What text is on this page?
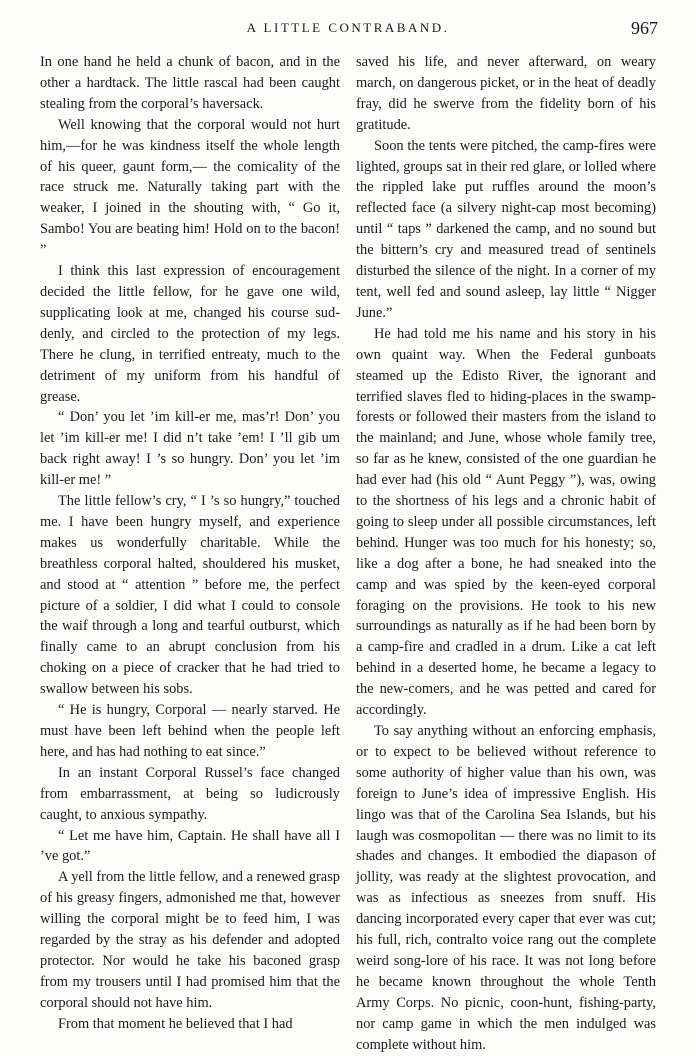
A LITTLE CONTRABAND.	967

In one hand he held a chunk of bacon, and in the other a hardtack. The little rascal had been caught stealing from the corporal’s haversack.

Well knowing that the corporal would not hurt him,—for he was kindness itself the whole length of his queer, gaunt form,— the comicality of the race struck me. Naturally taking part with the weaker, I joined in the shouting with, “ Go it, Sambo! You are beating him! Hold on to the bacon! ”

I think this last expression of encouragement decided the little fellow, for he gave one wild, supplicating look at me, changed his course suddenly, and circled to the protection of my legs. There he clung, in terrified entreaty, much to the detriment of my uniform from his handful of grease.

“ Don’ you let ’im kill-er me, mas’r! Don’ you let ’im kill-er me! I did n’t take ’em! I ’ll gib um back right away! I ’s so hungry. Don’ you let ’im kill-er me! ”

The little fellow’s cry, “ I ’s so hungry,” touched me. I have been hungry myself, and experience makes us wonderfully charitable. While the breathless corporal halted, shouldered his musket, and stood at “ attention ” before me, the perfect picture of a soldier, I did what I could to console the waif through a long and tearful outburst, which finally came to an abrupt conclusion from his choking on a piece of cracker that he had tried to swallow between his sobs.

“ He is hungry, Corporal — nearly starved. He must have been left behind when the people left here, and has had nothing to eat since.”

In an instant Corporal Russel’s face changed from embarrassment, at being so ludicrously caught, to anxious sympathy.

“ Let me have him, Captain. He shall have all I ’ve got.”

A yell from the little fellow, and a renewed grasp of his greasy fingers, admonished me that, however willing the corporal might be to feed him, I was regarded by the stray as his defender and adopted protector. Nor would he take his baconed grasp from my trousers until I had promised him that the corporal should not have him.

From that moment he believed that I had

saved his life, and never afterward, on weary march, on dangerous picket, or in the heat of deadly fray, did he swerve from the fidelity born of his gratitude.

Soon the tents were pitched, the camp-fires were lighted, groups sat in their red glare, or lolled where the rippled lake put ruffles around the moon’s reflected face (a silvery night-cap most becoming) until “ taps ” darkened the camp, and no sound but the bittern’s cry and measured tread of sentinels disturbed the silence of the night. In a corner of my tent, well fed and sound asleep, lay little “ Nigger June.”

He had told me his name and his story in his own quaint way. When the Federal gunboats steamed up the Edisto River, the ignorant and terrified slaves fled to hiding-places in the swamp-forests or followed their masters from the island to the mainland; and June, whose whole family tree, so far as he knew, consisted of the one guardian he had ever had (his old “ Aunt Peggy ”), was, owing to the shortness of his legs and a chronic habit of going to sleep under all possible circumstances, left behind. Hunger was too much for his honesty; so, like a dog after a bone, he had sneaked into the camp and was spied by the keen-eyed corporal foraging on the provisions. He took to his new surroundings as naturally as if he had been born by a camp-fire and cradled in a drum. Like a cat left behind in a deserted home, he became a legacy to the new-comers, and he was petted and cared for accordingly.

To say anything without an enforcing emphasis, or to expect to be believed without reference to some authority of higher value than his own, was foreign to June’s idea of impressive English. His lingo was that of the Carolina Sea Islands, but his laugh was cosmopolitan — there was no limit to its shades and changes. It embodied the diapason of jollity, was ready at the slightest provocation, and was as infectious as sneezes from snuff. His dancing incorporated every caper that ever was cut; his full, rich, contralto voice rang out the complete weird song-lore of his race. It was not long before he became known throughout the whole Tenth Army Corps. No picnic, coon-hunt, fishing-party, nor camp game in which the men indulged was complete without him.
